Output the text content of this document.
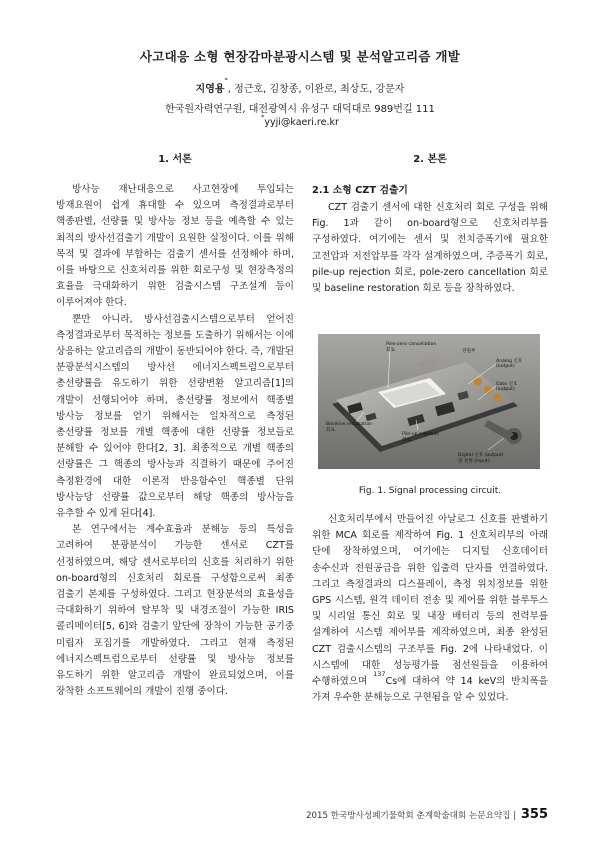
사고대응 소형 현장감마분광시스템 및 분석알고리즘 개발
지영용*, 정근호, 김창종, 이완로, 최상도, 강문자
한국원자력연구원, 대전광역시 유성구 대덕대로 989번길 111
*yyji@kaeri.re.kr
1. 서론

방사능 재난대응으로 사고현장에 투입되는 방재요원이 쉽게 휴대할 수 있으며 측정결과로부터 핵종판별, 선량률 및 방사능 정보 등을 예측할 수 있는 최적의 방사선검출기 개발이 요원한 실정이다. 이를 위해 목적 및 결과에 부합하는 검출기 센서를 선정해야 하며, 이를 바탕으로 신호처리를 위한 회로구성 및 현장측정의 효율을 극대화하기 위한 검출시스템 구조설계 등이 이루어져야 한다.

뿐만 아니라, 방사선검출시스템으로부터 얻어진 측정결과로부터 목적하는 정보를 도출하기 위해서는 이에 상응하는 알고리즘의 개발이 동반되어야 한다. 즉, 개발된 분광분석시스템의 방사선 에너지스펙트럼으로부터 총선량률을 유도하기 위한 선량변환 알고리즘[1]의 개발이 선행되어야 하며, 총선량률 정보에서 핵종별 방사능 정보를 얻기 위해서는 일차적으로 측정된 총선량률 정보를 개별 핵종에 대한 선량률 정보들로 분해할 수 있어야 한다[2, 3]. 최종적으로 개별 핵종의 선량률은 그 핵종의 방사능과 직결하기 때문에 주어진 측정환경에 대한 이론적 반응함수인 핵종별 단위 방사능당 선량률 값으로부터 해당 핵종의 방사능을 유추할 수 있게 된다[4].

본 연구에서는 계수효율과 분해능 등의 특성을 고려하여 분광분석이 가능한 센서로 CZT를 선정하였으며, 해당 센서로부터의 신호를 처리하기 위한 on-board형의 신호처리 회로를 구성함으로써 최종 검출기 본체를 구성하였다. 그리고 현장분석의 효율성을 극대화하기 위하여 탈부착 및 내경조절이 가능한 IRIS 콜리메이터[5, 6]와 검출기 앞단에 장착이 가능한 공기중 미립자 포집기를 개발하였다. 그리고 현재 측정된 에너지스펙트럼으로부터 선량률 및 방사능 정보를 유도하기 위한 알고리즘 개발이 완료되었으며, 이를 장착한 소프트웨어의 개발이 진행 중이다.

2. 본론
2.1 소형 CZT 검출기

CZT 검출기 센서에 대한 신호처리 회로 구성을 위해 Fig. 1과 같이 on-board형으로 신호처리부를 구성하였다. 여기에는 센서 및 전치증폭기에 필요한 고전압과 저전압부를 각각 설계하였으며, 주증폭기 회로, pile-up rejection 회로, pole-zero cancellation 회로 및 baseline restoration 회로 등을 장착하였다.

Pole-zero cancellation
회로	전원부
Analog 신호
(output)
Gate 신호
(output)
Baseline restoration
회로
Pile-up rejection
회로
Digital 신호 (output)
및 전원 (input)
Fig. 1. Signal processing circuit.

신호처리부에서 만들어진 아날로그 신호를 판별하기 위한 MCA 회로를 제작하여 Fig. 1 신호처리부의 아래 단에 장착하였으며, 여기에는 디지털 신호데이터 송수신과 전원공급을 위한 입출력 단자를 연결하였다. 그리고 측정결과의 디스플레이, 측정 위치정보를 위한 GPS 시스템, 원격 데이터 전송 및 제어를 위한 블루투스 및 시리얼 통신 회로 및 내장 배터리 등의 전력부를 설계하여 시스템 제어부를 제작하였으며, 최종 완성된 CZT 검출시스템의 구조부를 Fig. 2에 나타내었다. 이 시스템에 대한 성능평가를 점선원들을 이용하여 수행하였으며 $^{137}$Cs에 대하여 약 14 keV의 반치폭을 가져 우수한 분해능으로 구현됨을 알 수 있었다.

2015 한국방사성폐기물학회 춘계학술대회 논문요약집 | 355
